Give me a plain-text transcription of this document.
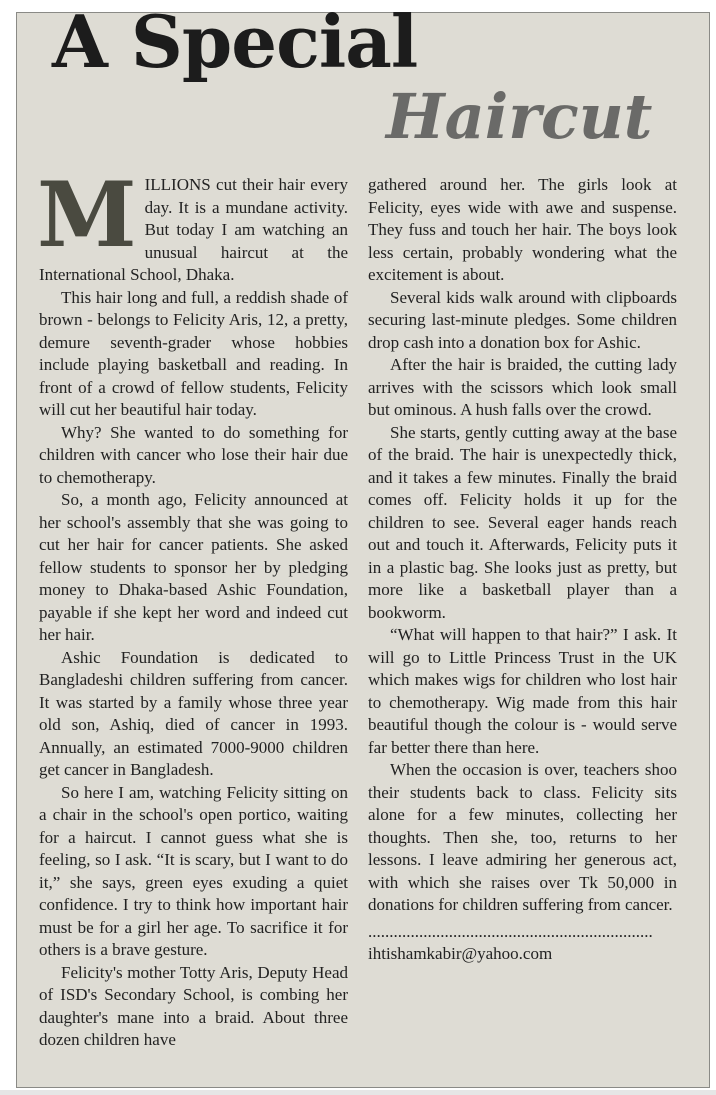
A Special
Haircut

MILLIONS cut their hair every day. It is a mundane activity. But today I am watching an unusual haircut at the International School, Dhaka.

This hair long and full, a reddish shade of brown - belongs to Felicity Aris, 12, a pretty, demure seventh-grader whose hobbies include playing basketball and reading. In front of a crowd of fellow students, Felicity will cut her beautiful hair today.

Why? She wanted to do something for children with cancer who lose their hair due to chemotherapy.

So, a month ago, Felicity announced at her school's assembly that she was going to cut her hair for cancer patients. She asked fellow students to sponsor her by pledging money to Dhaka-based Ashic Foundation, payable if she kept her word and indeed cut her hair.

Ashic Foundation is dedicated to Bangladeshi children suffering from cancer. It was started by a family whose three year old son, Ashiq, died of cancer in 1993. Annually, an estimated 7000-9000 children get cancer in Bangladesh.

So here I am, watching Felicity sitting on a chair in the school's open portico, waiting for a haircut. I cannot guess what she is feeling, so I ask. “It is scary, but I want to do it,” she says, green eyes exuding a quiet confidence. I try to think how important hair must be for a girl her age. To sacrifice it for others is a brave gesture.

Felicity's mother Totty Aris, Deputy Head of ISD's Secondary School, is combing her daughter's mane into a braid. About three dozen children have

gathered around her. The girls look at Felicity, eyes wide with awe and suspense. They fuss and touch her hair. The boys look less certain, probably wondering what the excitement is about.

Several kids walk around with clipboards securing last-minute pledges. Some children drop cash into a donation box for Ashic.

After the hair is braided, the cutting lady arrives with the scissors which look small but ominous. A hush falls over the crowd.

She starts, gently cutting away at the base of the braid. The hair is unexpectedly thick, and it takes a few minutes. Finally the braid comes off. Felicity holds it up for the children to see. Several eager hands reach out and touch it. Afterwards, Felicity puts it in a plastic bag. She looks just as pretty, but more like a basketball player than a bookworm.

“What will happen to that hair?” I ask. It will go to Little Princess Trust in the UK which makes wigs for children who lost hair to chemotherapy. Wig made from this hair beautiful though the colour is - would serve far better there than here.

When the occasion is over, teachers shoo their students back to class. Felicity sits alone for a few minutes, collecting her thoughts. Then she, too, returns to her lessons. I leave admiring her generous act, with which she raises over Tk 50,000 in donations for children suffering from cancer.

...................................................................

ihtishamkabir@yahoo.com
